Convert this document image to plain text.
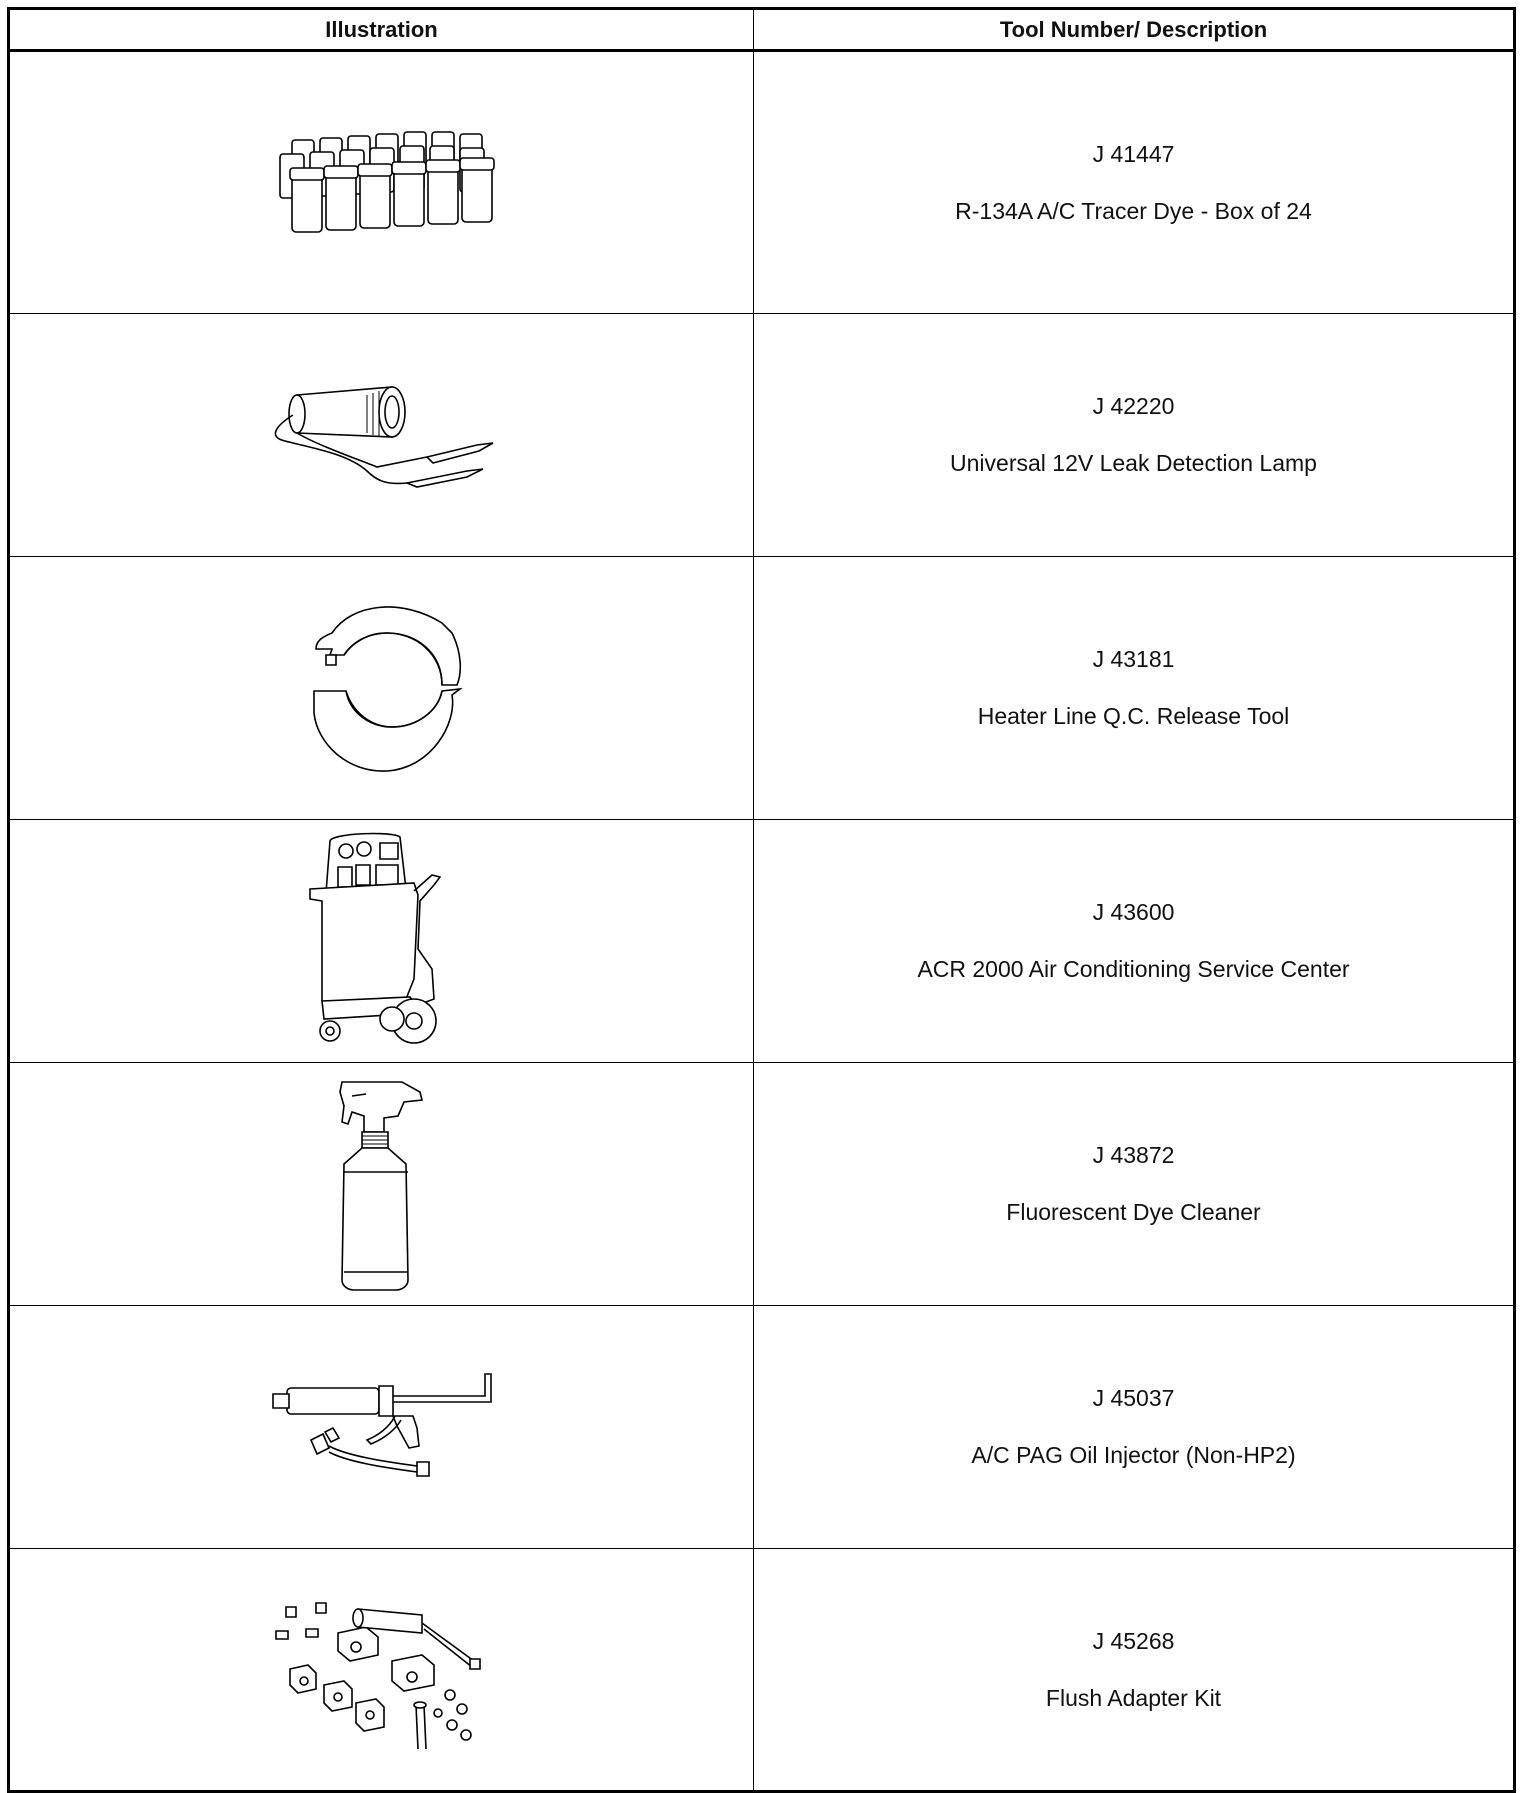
Illustration	Tool Number/ Description

J 41447
R-134A A/C Tracer Dye - Box of 24

J 42220
Universal 12V Leak Detection Lamp

J 43181
Heater Line Q.C. Release Tool

J 43600
ACR 2000 Air Conditioning Service Center

J 43872
Fluorescent Dye Cleaner

J 45037
A/C PAG Oil Injector (Non-HP2)

J 45268
Flush Adapter Kit
